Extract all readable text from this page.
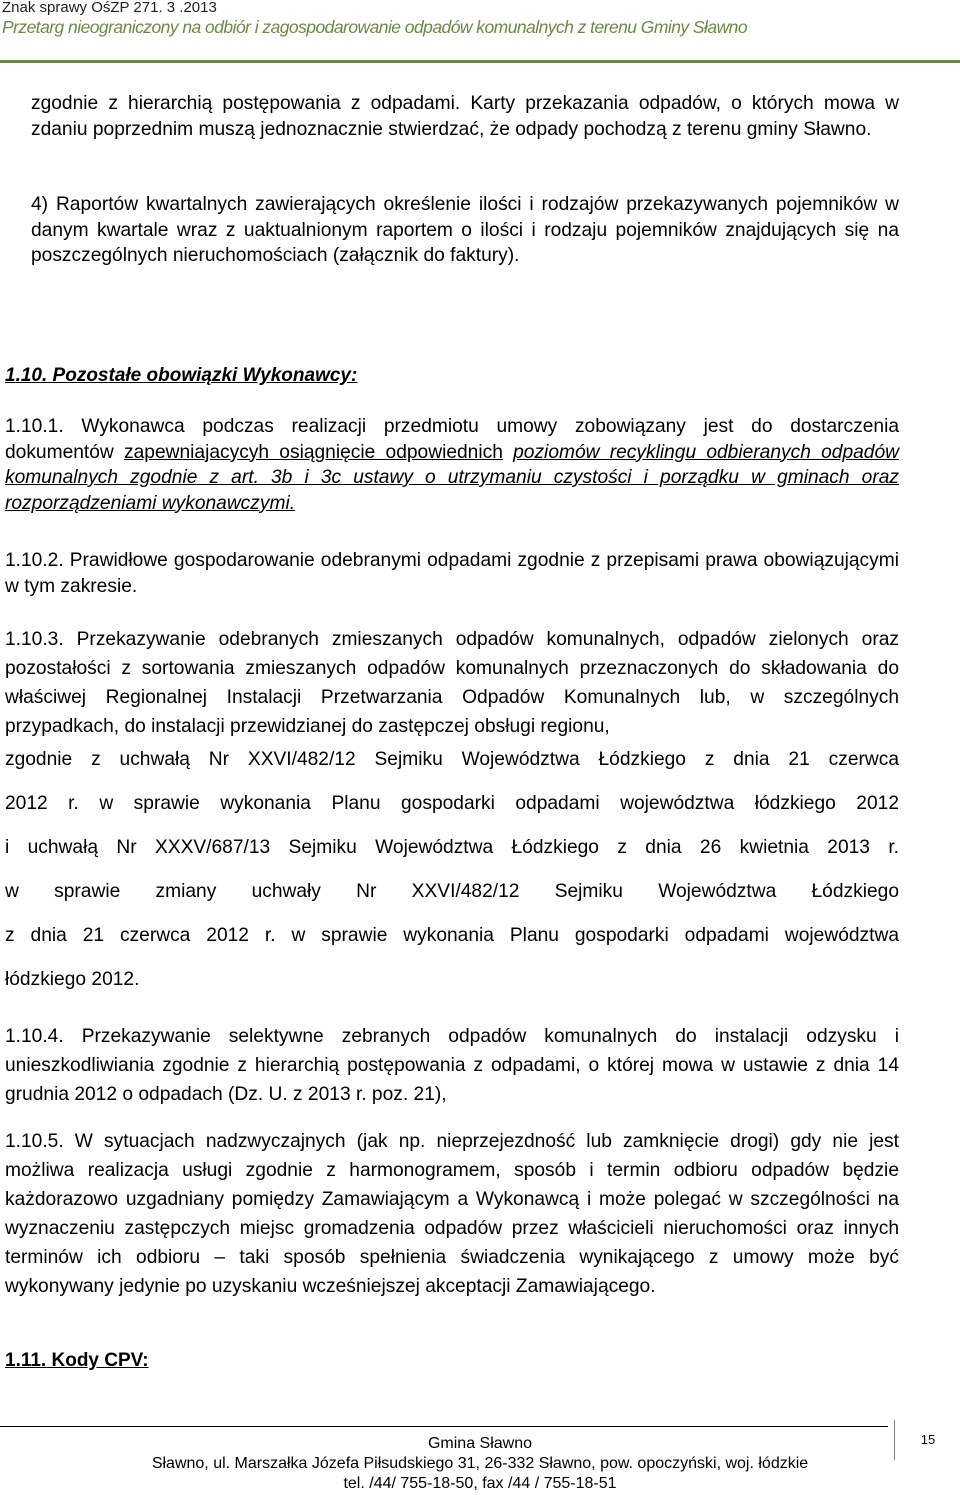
Znak sprawy OśZP 271. 3 .2013
Przetarg nieograniczony na odbiór i zagospodarowanie odpadów komunalnych z terenu Gminy Sławno

zgodnie z hierarchią postępowania z odpadami. Karty przekazania odpadów, o których mowa w zdaniu poprzednim muszą jednoznacznie stwierdzać, że odpady pochodzą z terenu gminy Sławno.

4) Raportów kwartalnych zawierających określenie ilości i rodzajów przekazywanych pojemników w danym kwartale wraz z uaktualnionym raportem o ilości i rodzaju pojemników znajdujących się na poszczególnych nieruchomościach (załącznik do faktury).

1.10. Pozostałe obowiązki Wykonawcy:

1.10.1. Wykonawca podczas realizacji przedmiotu umowy zobowiązany jest do dostarczenia dokumentów zapewniajacycyh osiągnięcie odpowiednich poziomów recyklingu odbieranych odpadów komunalnych zgodnie z art. 3b i 3c ustawy o utrzymaniu czystości i porządku w gminach oraz rozporządzeniami wykonawczymi.

1.10.2. Prawidłowe gospodarowanie odebranymi odpadami zgodnie z przepisami prawa obowiązującymi w tym zakresie.

1.10.3. Przekazywanie odebranych zmieszanych odpadów komunalnych, odpadów zielonych oraz pozostałości z sortowania zmieszanych odpadów komunalnych przeznaczonych do składowania do właściwej Regionalnej Instalacji Przetwarzania Odpadów Komunalnych lub, w szczególnych przypadkach, do instalacji przewidzianej do zastępczej obsługi regionu,

zgodnie z uchwałą Nr XXVI/482/12 Sejmiku Województwa Łódzkiego z dnia 21 czerwca
2012 r. w sprawie wykonania Planu gospodarki odpadami województwa łódzkiego 2012
i uchwałą Nr XXXV/687/13 Sejmiku Województwa Łódzkiego z dnia 26 kwietnia 2013 r.
w sprawie zmiany uchwały Nr XXVI/482/12 Sejmiku Województwa Łódzkiego
z dnia 21 czerwca 2012 r. w sprawie wykonania Planu gospodarki odpadami województwa
łódzkiego 2012.

1.10.4. Przekazywanie selektywne zebranych odpadów komunalnych do instalacji odzysku i unieszkodliwiania zgodnie z hierarchią postępowania z odpadami, o której mowa w ustawie z dnia 14 grudnia 2012 o odpadach (Dz. U. z 2013 r. poz. 21),

1.10.5. W sytuacjach nadzwyczajnych (jak np. nieprzejezdność lub zamknięcie drogi) gdy nie jest możliwa realizacja usługi zgodnie z harmonogramem, sposób i termin odbioru odpadów będzie każdorazowo uzgadniany pomiędzy Zamawiającym a Wykonawcą i może polegać w szczególności na wyznaczeniu zastępczych miejsc gromadzenia odpadów przez właścicieli nieruchomości oraz innych terminów ich odbioru – taki sposób spełnienia świadczenia wynikającego z umowy może być wykonywany jedynie po uzyskaniu wcześniejszej akceptacji Zamawiającego.

1.11. Kody CPV:
15
Gmina Sławno
Sławno, ul. Marszałka Józefa Piłsudskiego 31, 26-332 Sławno, pow. opoczyński, woj. łódzkie
tel. /44/ 755-18-50, fax /44 / 755-18-51
